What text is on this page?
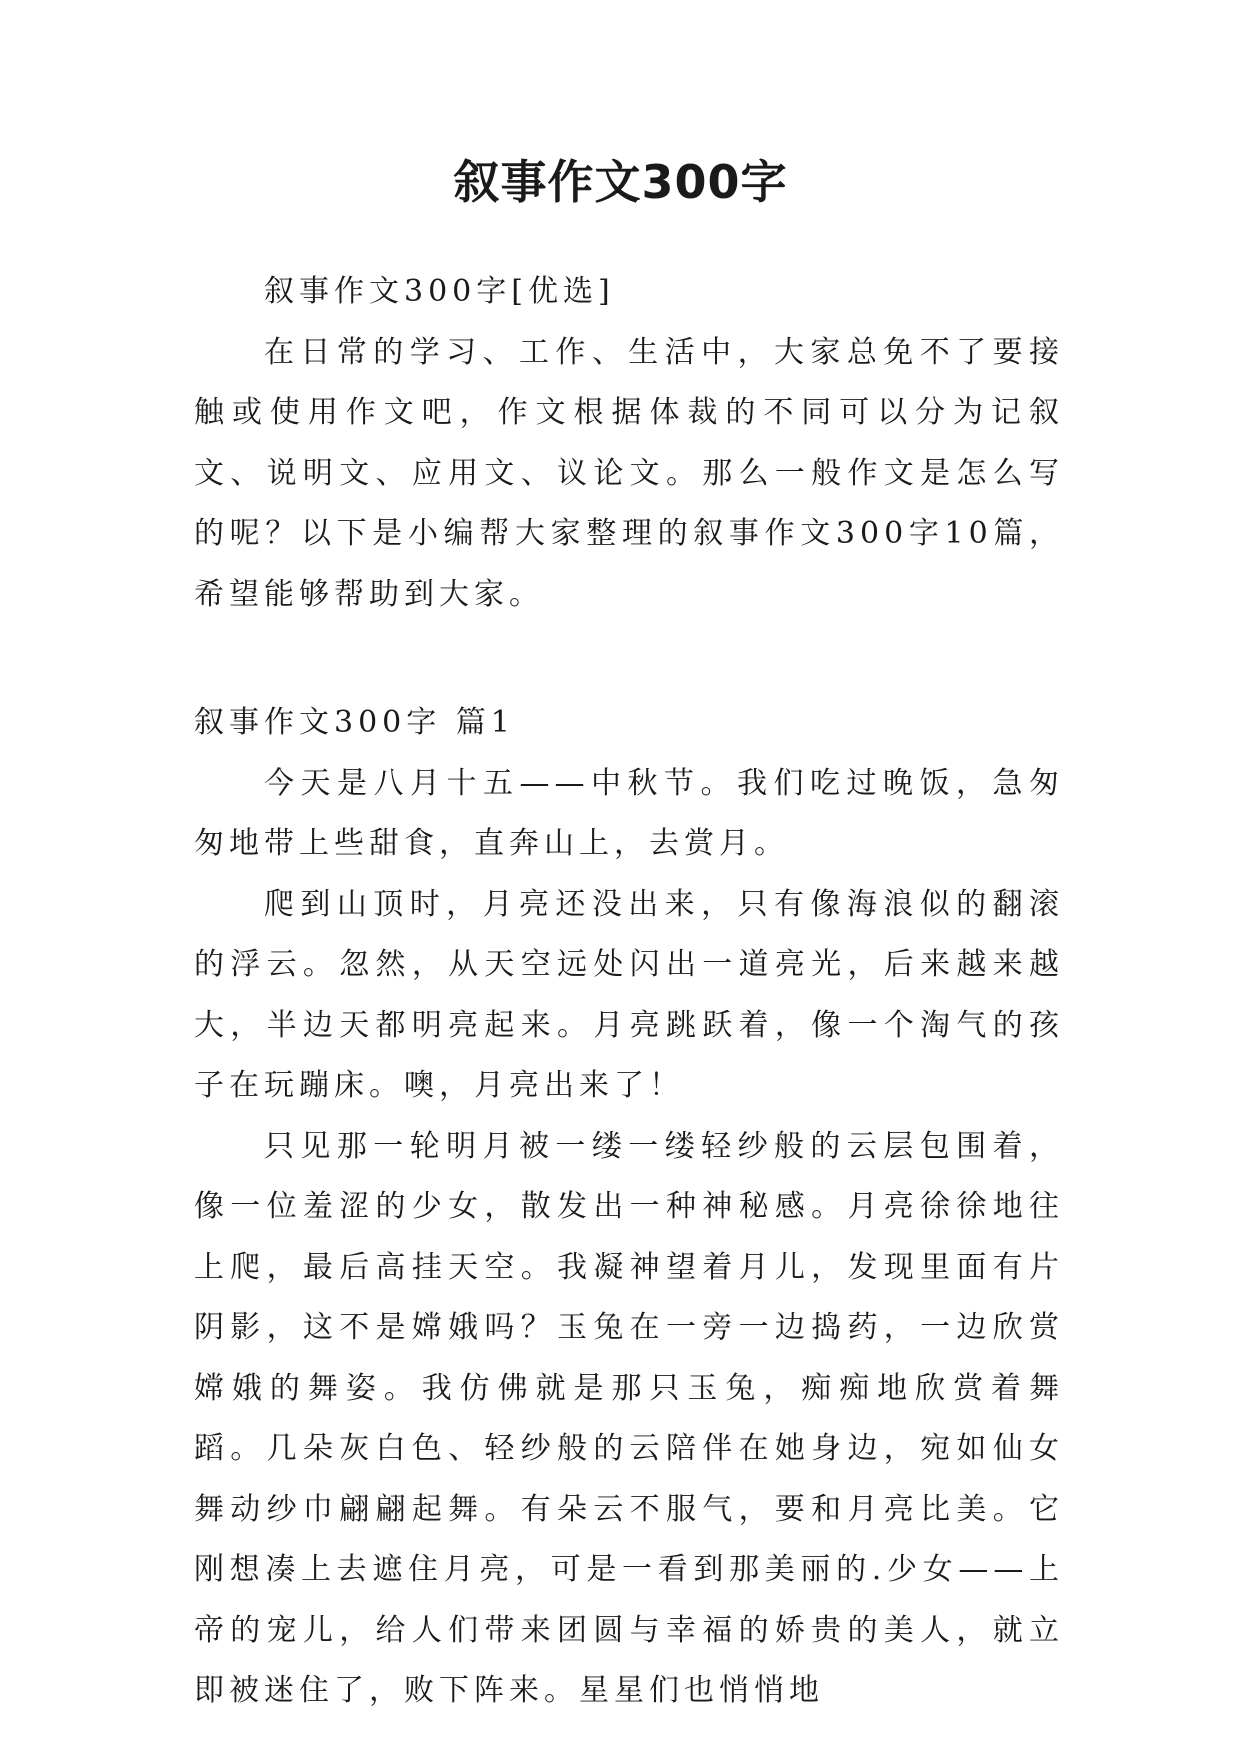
叙事作文300字

叙事作文300字[优选]

在日常的学习、工作、生活中，大家总免不了要接触或使用作文吧，作文根据体裁的不同可以分为记叙文、说明文、应用文、议论文。那么一般作文是怎么写的呢？以下是小编帮大家整理的叙事作文300字10篇，希望能够帮助到大家。

叙事作文300字 篇1

今天是八月十五——中秋节。我们吃过晚饭，急匆匆地带上些甜食，直奔山上，去赏月。

爬到山顶时，月亮还没出来，只有像海浪似的翻滚的浮云。忽然，从天空远处闪出一道亮光，后来越来越大，半边天都明亮起来。月亮跳跃着，像一个淘气的孩子在玩蹦床。噢，月亮出来了！

只见那一轮明月被一缕一缕轻纱般的云层包围着，像一位羞涩的少女，散发出一种神秘感。月亮徐徐地往上爬，最后高挂天空。我凝神望着月儿，发现里面有片阴影，这不是嫦娥吗？玉兔在一旁一边捣药，一边欣赏嫦娥的舞姿。我仿佛就是那只玉兔，痴痴地欣赏着舞蹈。几朵灰白色、轻纱般的云陪伴在她身边，宛如仙女舞动纱巾翩翩起舞。有朵云不服气，要和月亮比美。它刚想凑上去遮住月亮，可是一看到那美丽的.少女——上帝的宠儿，给人们带来团圆与幸福的娇贵的美人，就立即被迷住了，败下阵来。星星们也悄悄地
